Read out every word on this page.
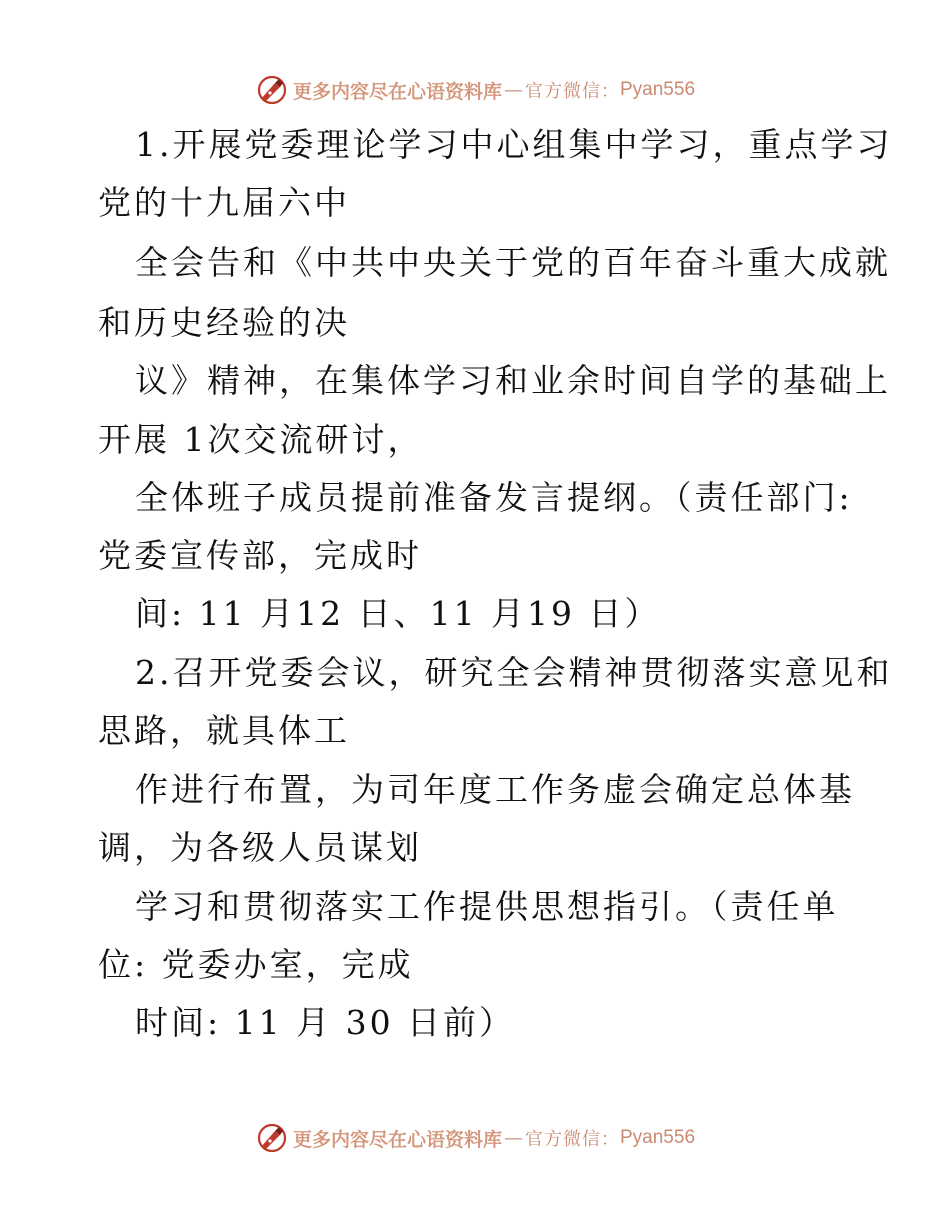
更多内容尽在心语资料库 — 官方微信： Pyan556
1.开展党委理论学习中心组集中学习，重点学习
党的十九届六中
全会告和《中共中央关于党的百年奋斗重大成就
和历史经验的决
议》精神，在集体学习和业余时间自学的基础上
开展 1次交流研讨，
全体班子成员提前准备发言提纲。（责任部门:
党委宣传部，完成时
间: 11 月12 日、11 月19 日）
2.召开党委会议，研究全会精神贯彻落实意见和
思路，就具体工
作进行布置，为司年度工作务虚会确定总体基
调，为各级人员谋划
学习和贯彻落实工作提供思想指引。（责任单
位: 党委办室，完成
时间: 11 月 30 日前）
更多内容尽在心语资料库 — 官方微信： Pyan556
